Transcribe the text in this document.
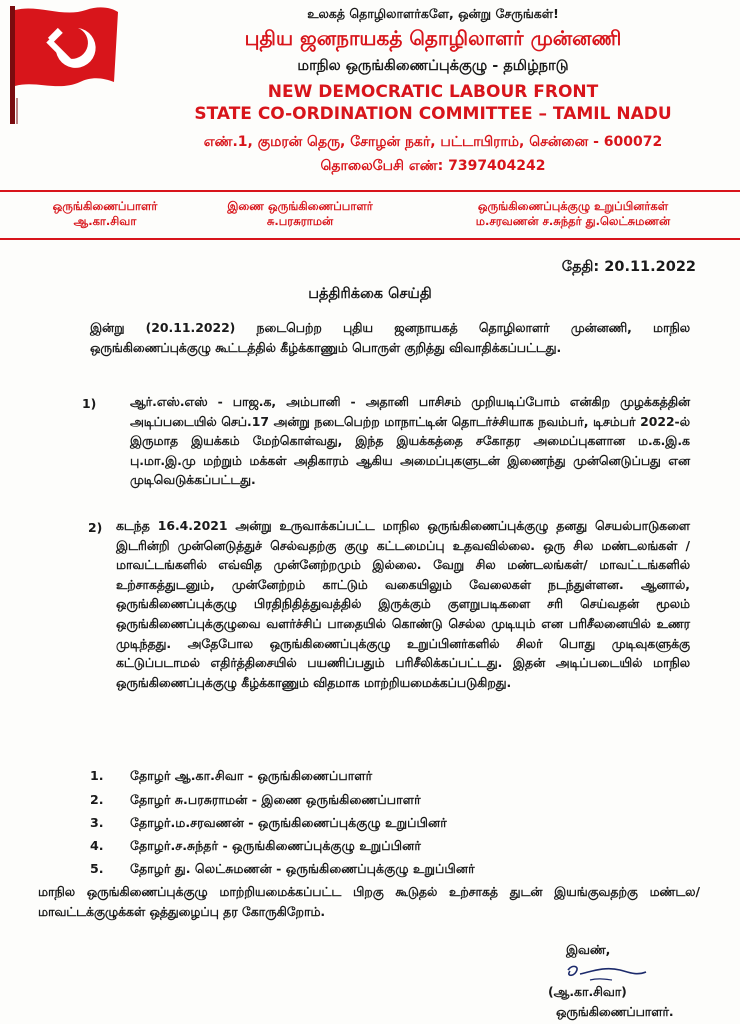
உலகத் தொழிலாளர்களே, ஒன்று சேருங்கள்!
புதிய ஜனநாயகத் தொழிலாளர் முன்னணி
மாநில ஒருங்கிணைப்புக்குழு - தமிழ்நாடு
NEW DEMOCRATIC LABOUR FRONT
STATE CO-ORDINATION COMMITTEE – TAMIL NADU
எண்.1, குமரன் தெரு, சோழன் நகர், பட்டாபிராம், சென்னை - 600072
தொலைபேசி எண்: 7397404242
ஒருங்கிணைப்பாளர்
ஆ.கா.சிவா
இணை ஒருங்கிணைப்பாளர்
சு.பரசுராமன்
ஒருங்கிணைப்புக்குழு உறுப்பினர்கள்
ம.சரவணன் ச.சுந்தர் து.லெட்சுமணன்
தேதி: 20.11.2022
பத்திரிக்கை செய்தி
இன்று (20.11.2022) நடைபெற்ற புதிய ஜனநாயகத் தொழிலாளர் முன்னணி, மாநில ஒருங்கிணைப்புக்குழு கூட்டத்தில் கீழ்க்காணும் பொருள் குறித்து விவாதிக்கப்பட்டது.
1)	ஆர்.எஸ்.எஸ் - பாஜ.க, அம்பானி - அதானி பாசிசம் முறியடிப்போம் என்கிற முழக்கத்தின் அடிப்படையில் செப்.17 அன்று நடைபெற்ற மாநாட்டின் தொடர்ச்சியாக நவம்பர், டிசம்பர் 2022-ல் இருமாத இயக்கம் மேற்கொள்வது, இந்த இயக்கத்தை சகோதர அமைப்புகளான ம.க.இ.க பு.மா.இ.மு மற்றும் மக்கள் அதிகாரம் ஆகிய அமைப்புகளுடன் இணைந்து முன்னெடுப்பது என முடிவெடுக்கப்பட்டது.
2) கடந்த 16.4.2021 அன்று உருவாக்கப்பட்ட மாநில ஒருங்கிணைப்புக்குழு தனது செயல்பாடுகளை இடரின்றி முன்னெடுத்துச் செல்வதற்கு குழு கட்டமைப்பு உதவவில்லை. ஒரு சில மண்டலங்கள் / மாவட்டங்களில் எவ்வித முன்னேற்றமும் இல்லை. வேறு சில மண்டலங்கள்/ மாவட்டங்களில் உற்சாகத்துடனும், முன்னேற்றம் காட்டும் வகையிலும் வேலைகள் நடந்துள்ளன. ஆனால், ஒருங்கிணைப்புக்குழு பிரதிநிதித்துவத்தில் இருக்கும் குளறுபடிகளை சரி செய்வதன் மூலம் ஒருங்கிணைப்புக்குழுவை வளர்ச்சிப் பாதையில் கொண்டு செல்ல முடியும் என பரிசீலனையில் உணர முடிந்தது. அதேபோல ஒருங்கிணைப்புக்குழு உறுப்பினர்களில் சிலர் பொது முடிவுகளுக்கு கட்டுப்படாமல் எதிர்த்திசையில் பயணிப்பதும் பரிசீலிக்கப்பட்டது. இதன் அடிப்படையில் மாநில ஒருங்கிணைப்புக்குழு கீழ்க்காணும் விதமாக மாற்றியமைக்கப்படுகிறது.
1. தோழர் ஆ.கா.சிவா - ஒருங்கிணைப்பாளர்
2. தோழர் சு.பரசுராமன் - இணை ஒருங்கிணைப்பாளர்
3. தோழர்.ம.சரவணன் - ஒருங்கிணைப்புக்குழு உறுப்பினர்
4. தோழர்.ச.சுந்தர் - ஒருங்கிணைப்புக்குழு உறுப்பினர்
5. தோழர் து. லெட்சுமணன் - ஒருங்கிணைப்புக்குழு உறுப்பினர்
மாநில ஒருங்கிணைப்புக்குழு மாற்றியமைக்கப்பட்ட பிறகு கூடுதல் உற்சாகத் துடன் இயங்குவதற்கு மண்டல/மாவட்டக்குழுக்கள் ஒத்துழைப்பு தர கோருகிறோம்.
இவண்,
(ஆ.கா.சிவா)
ஒருங்கிணைப்பாளர்.
